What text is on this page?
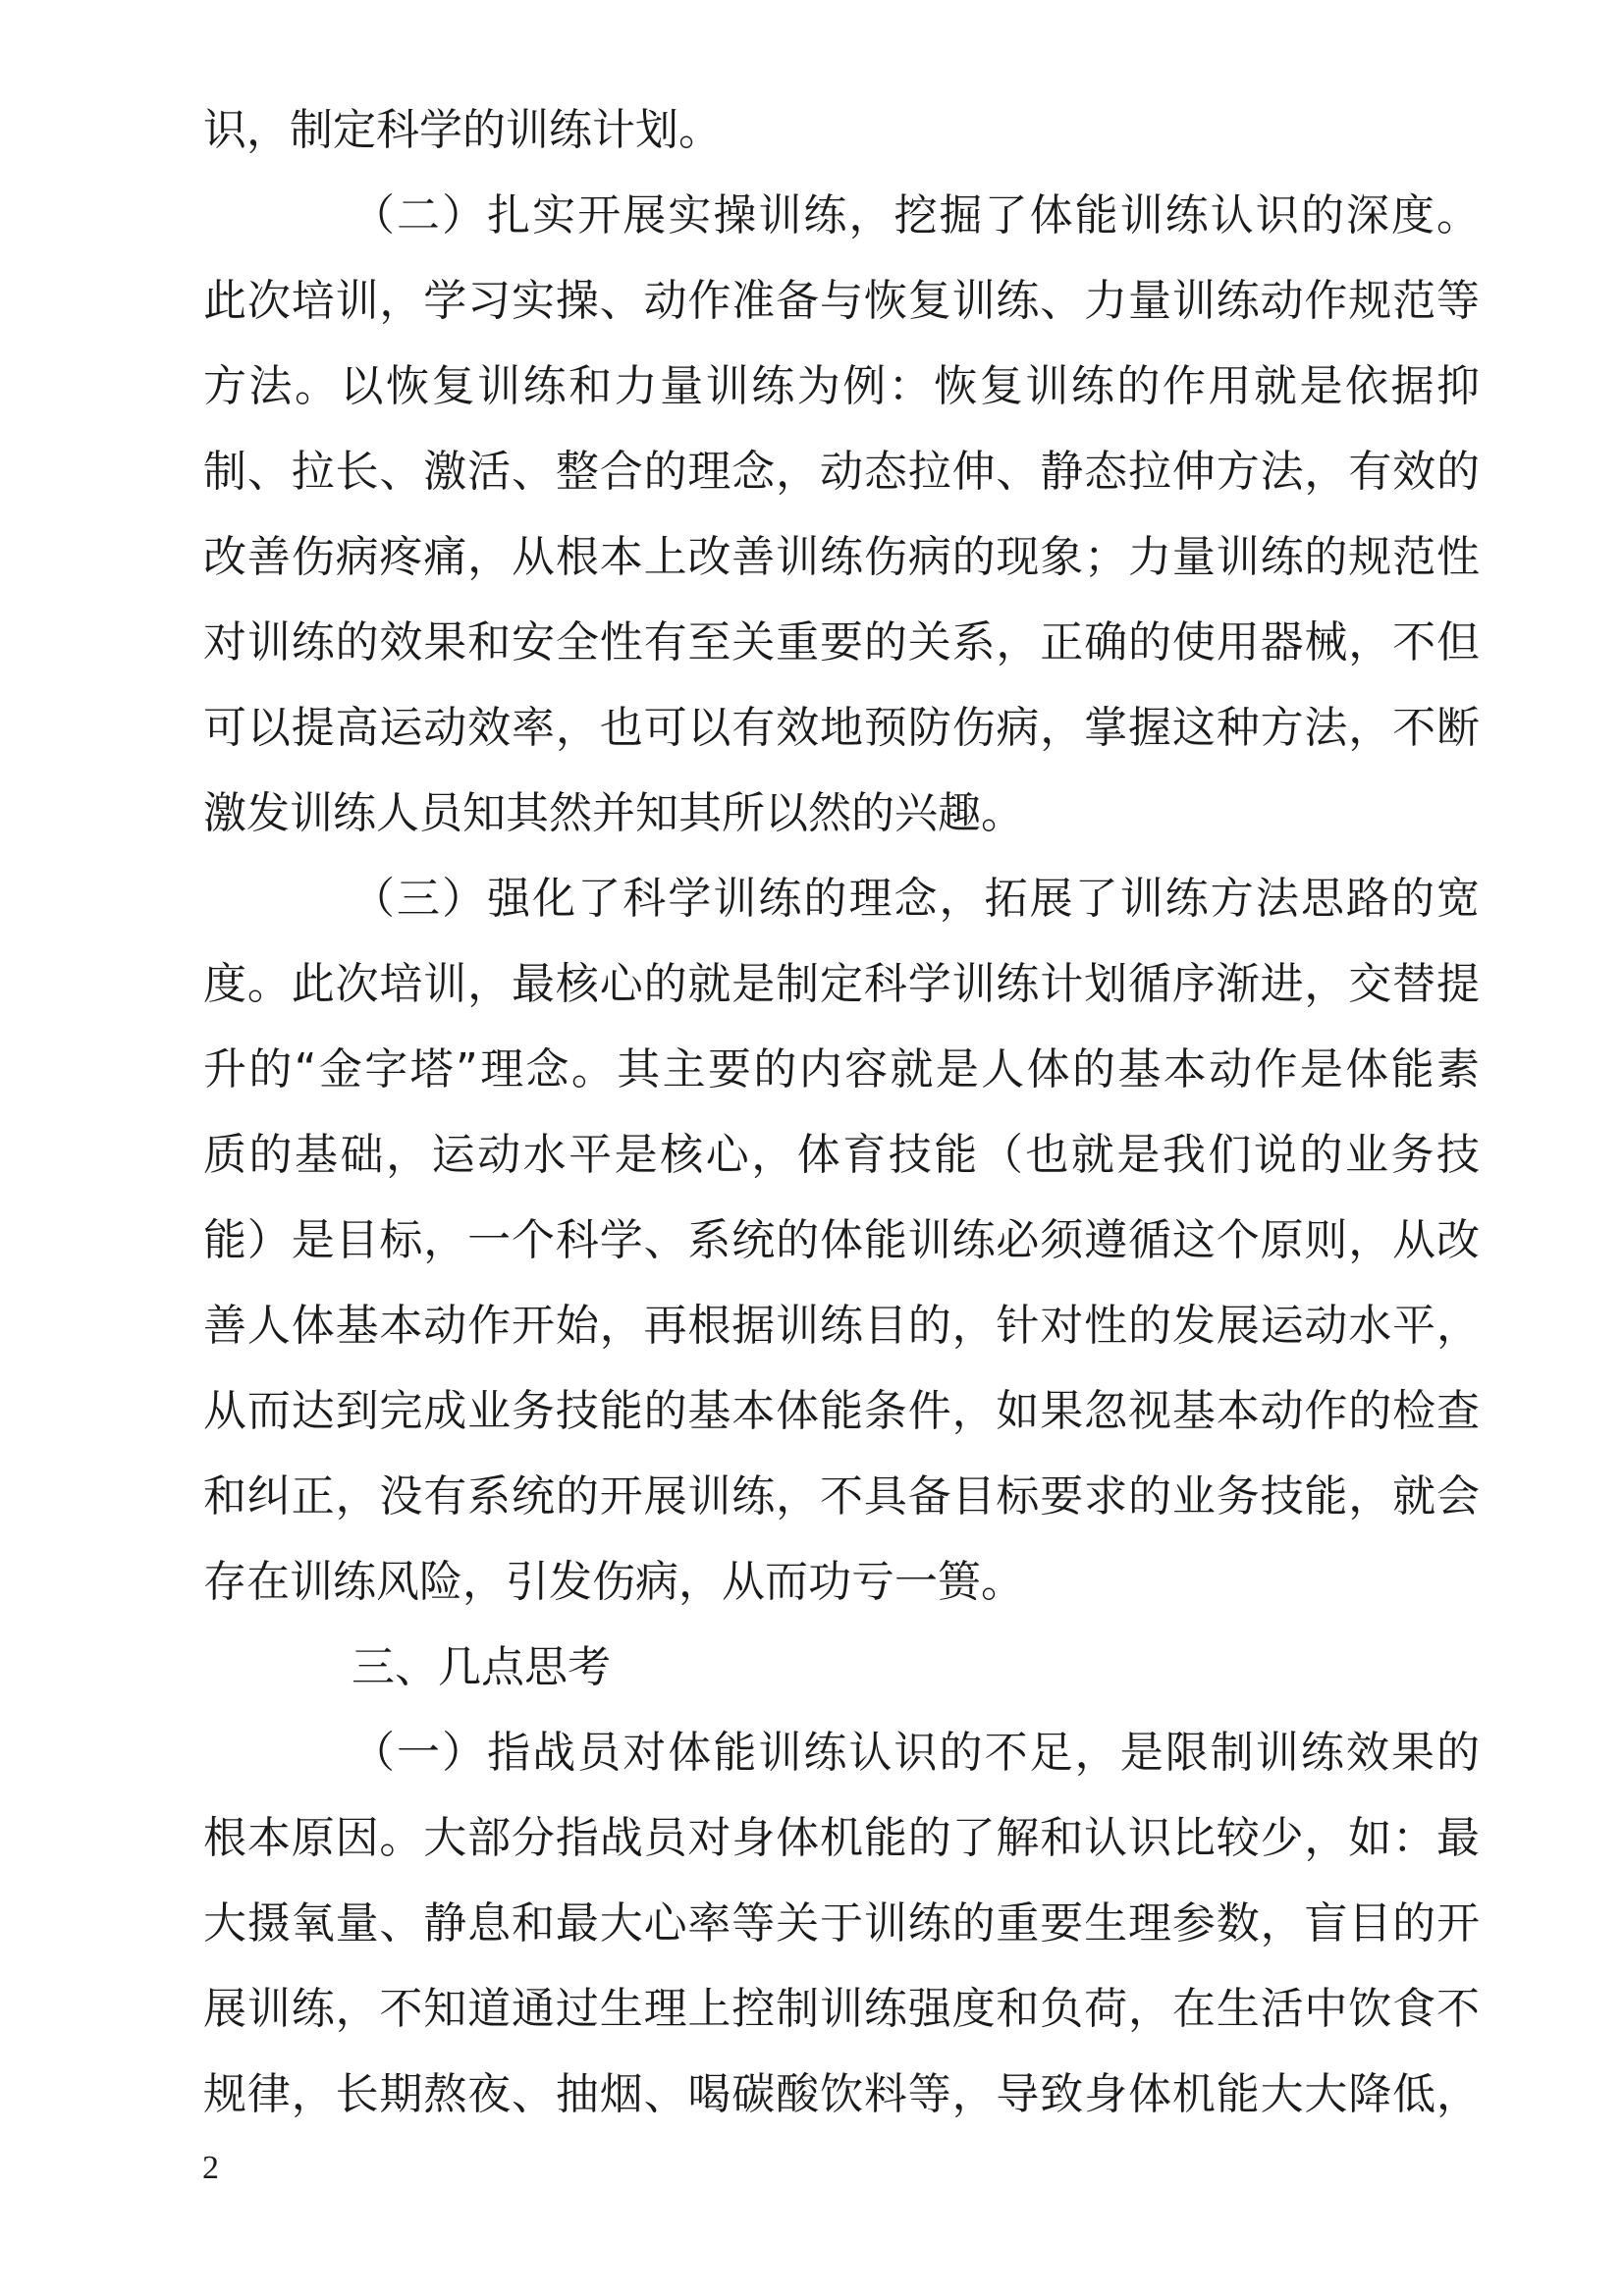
识，制定科学的训练计划。
（二）扎实开展实操训练，挖掘了体能训练认识的深度。
此次培训，学习实操、动作准备与恢复训练、力量训练动作规范等
方法。以恢复训练和力量训练为例：恢复训练的作用就是依据抑
制、拉长、激活、整合的理念，动态拉伸、静态拉伸方法，有效的
改善伤病疼痛，从根本上改善训练伤病的现象；力量训练的规范性
对训练的效果和安全性有至关重要的关系，正确的使用器械，不但
可以提高运动效率，也可以有效地预防伤病，掌握这种方法，不断
激发训练人员知其然并知其所以然的兴趣。
（三）强化了科学训练的理念，拓展了训练方法思路的宽
度。此次培训，最核心的就是制定科学训练计划循序渐进，交替提
升的“金字塔”理念。其主要的内容就是人体的基本动作是体能素
质的基础，运动水平是核心，体育技能（也就是我们说的业务技
能）是目标，一个科学、系统的体能训练必须遵循这个原则，从改
善人体基本动作开始，再根据训练目的，针对性的发展运动水平，
从而达到完成业务技能的基本体能条件，如果忽视基本动作的检查
和纠正，没有系统的开展训练，不具备目标要求的业务技能，就会
存在训练风险，引发伤病，从而功亏一篑。
三、几点思考
（一）指战员对体能训练认识的不足，是限制训练效果的
根本原因。大部分指战员对身体机能的了解和认识比较少，如：最
大摄氧量、静息和最大心率等关于训练的重要生理参数，盲目的开
展训练，不知道通过生理上控制训练强度和负荷，在生活中饮食不
规律，长期熬夜、抽烟、喝碳酸饮料等，导致身体机能大大降低，
2
